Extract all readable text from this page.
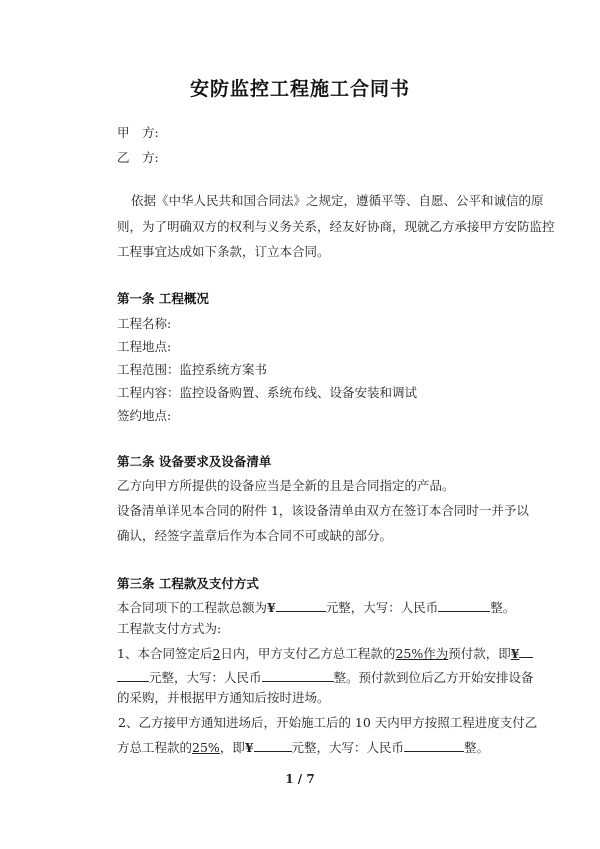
安防监控工程施工合同书
甲　方:
乙　方:
依据《中华人民共和国合同法》之规定，遵循平等、自愿、公平和诚信的原
则，为了明确双方的权利与义务关系，经友好协商，现就乙方承接甲方安防监控
工程事宜达成如下条款，订立本合同。
第一条 工程概况
工程名称:
工程地点:
工程范围：监控系统方案书
工程内容：监控设备购置、系统布线、设备安装和调试
签约地点:
第二条 设备要求及设备清单
乙方向甲方所提供的设备应当是全新的且是合同指定的产品。
设备清单详见本合同的附件 1，该设备清单由双方在签订本合同时一并予以
确认，经签字盖章后作为本合同不可或缺的部分。
第三条 工程款及支付方式
本合同项下的工程款总额为¥	元整，大写：人民币	整。
工程款支付方式为:
1、本合同签定后2日内，甲方支付乙方总工程款的25%作为预付款，即¥
元整，大写：人民币	整。预付款到位后乙方开始安排设备
的采购，并根据甲方通知后按时进场。
2、乙方接甲方通知进场后，开始施工后的 10 天内甲方按照工程进度支付乙
方总工程款的25%，即¥	元整，大写：人民币	整。
1 / 7
